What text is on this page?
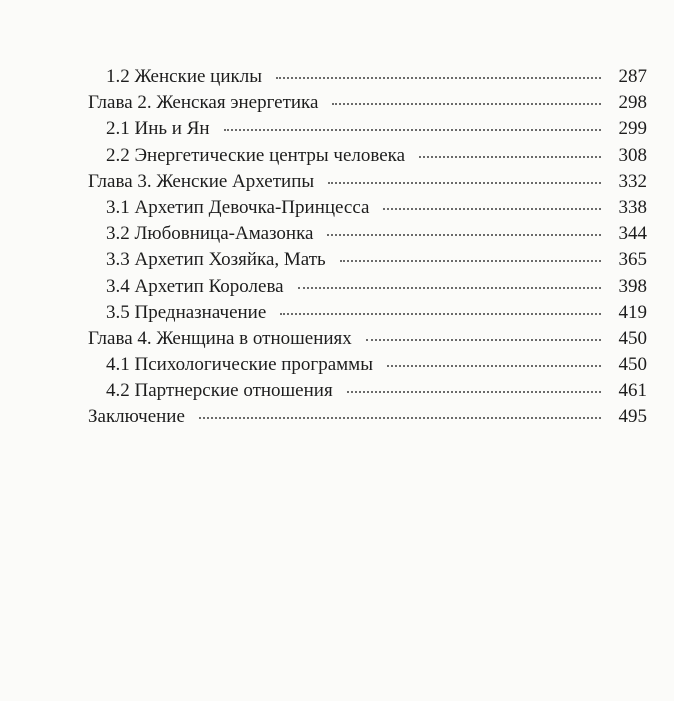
1.2 Женские циклы	287
Глава 2. Женская энергетика	298
2.1 Инь и Ян	299
2.2 Энергетические центры человека	308
Глава 3. Женские Архетипы	332
3.1 Архетип Девочка-Принцесса	338
3.2 Любовница-Амазонка	344
3.3 Архетип Хозяйка, Мать	365
3.4 Архетип Королева	398
3.5 Предназначение	419
Глава 4. Женщина в отношениях	450
4.1 Психологические программы	450
4.2 Партнерские отношения	461
Заключение	495
